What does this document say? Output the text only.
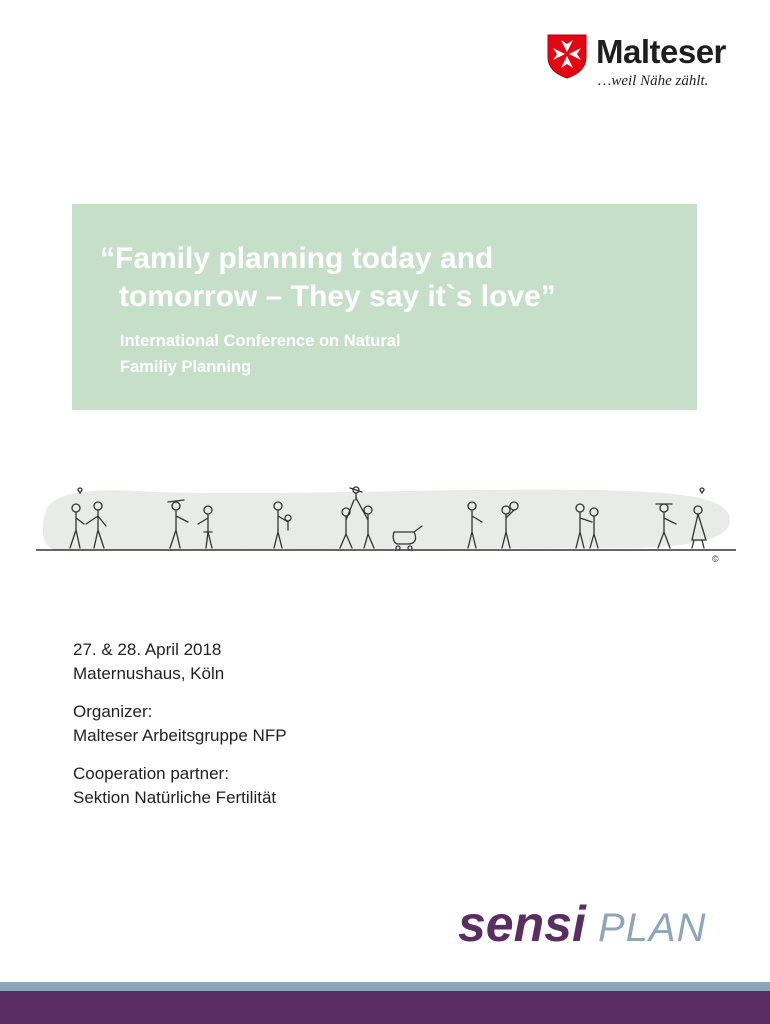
Malteser
…weil Nähe zählt.
“Family planning today and
tomorrow – They say it`s love”

International Conference on Natural
Familiy Planning

©

27. & 28. April 2018
Maternushaus, Köln

Organizer:
Malteser Arbeitsgruppe NFP

Cooperation partner:
Sektion Natürliche Fertilität

sensi PLAN
